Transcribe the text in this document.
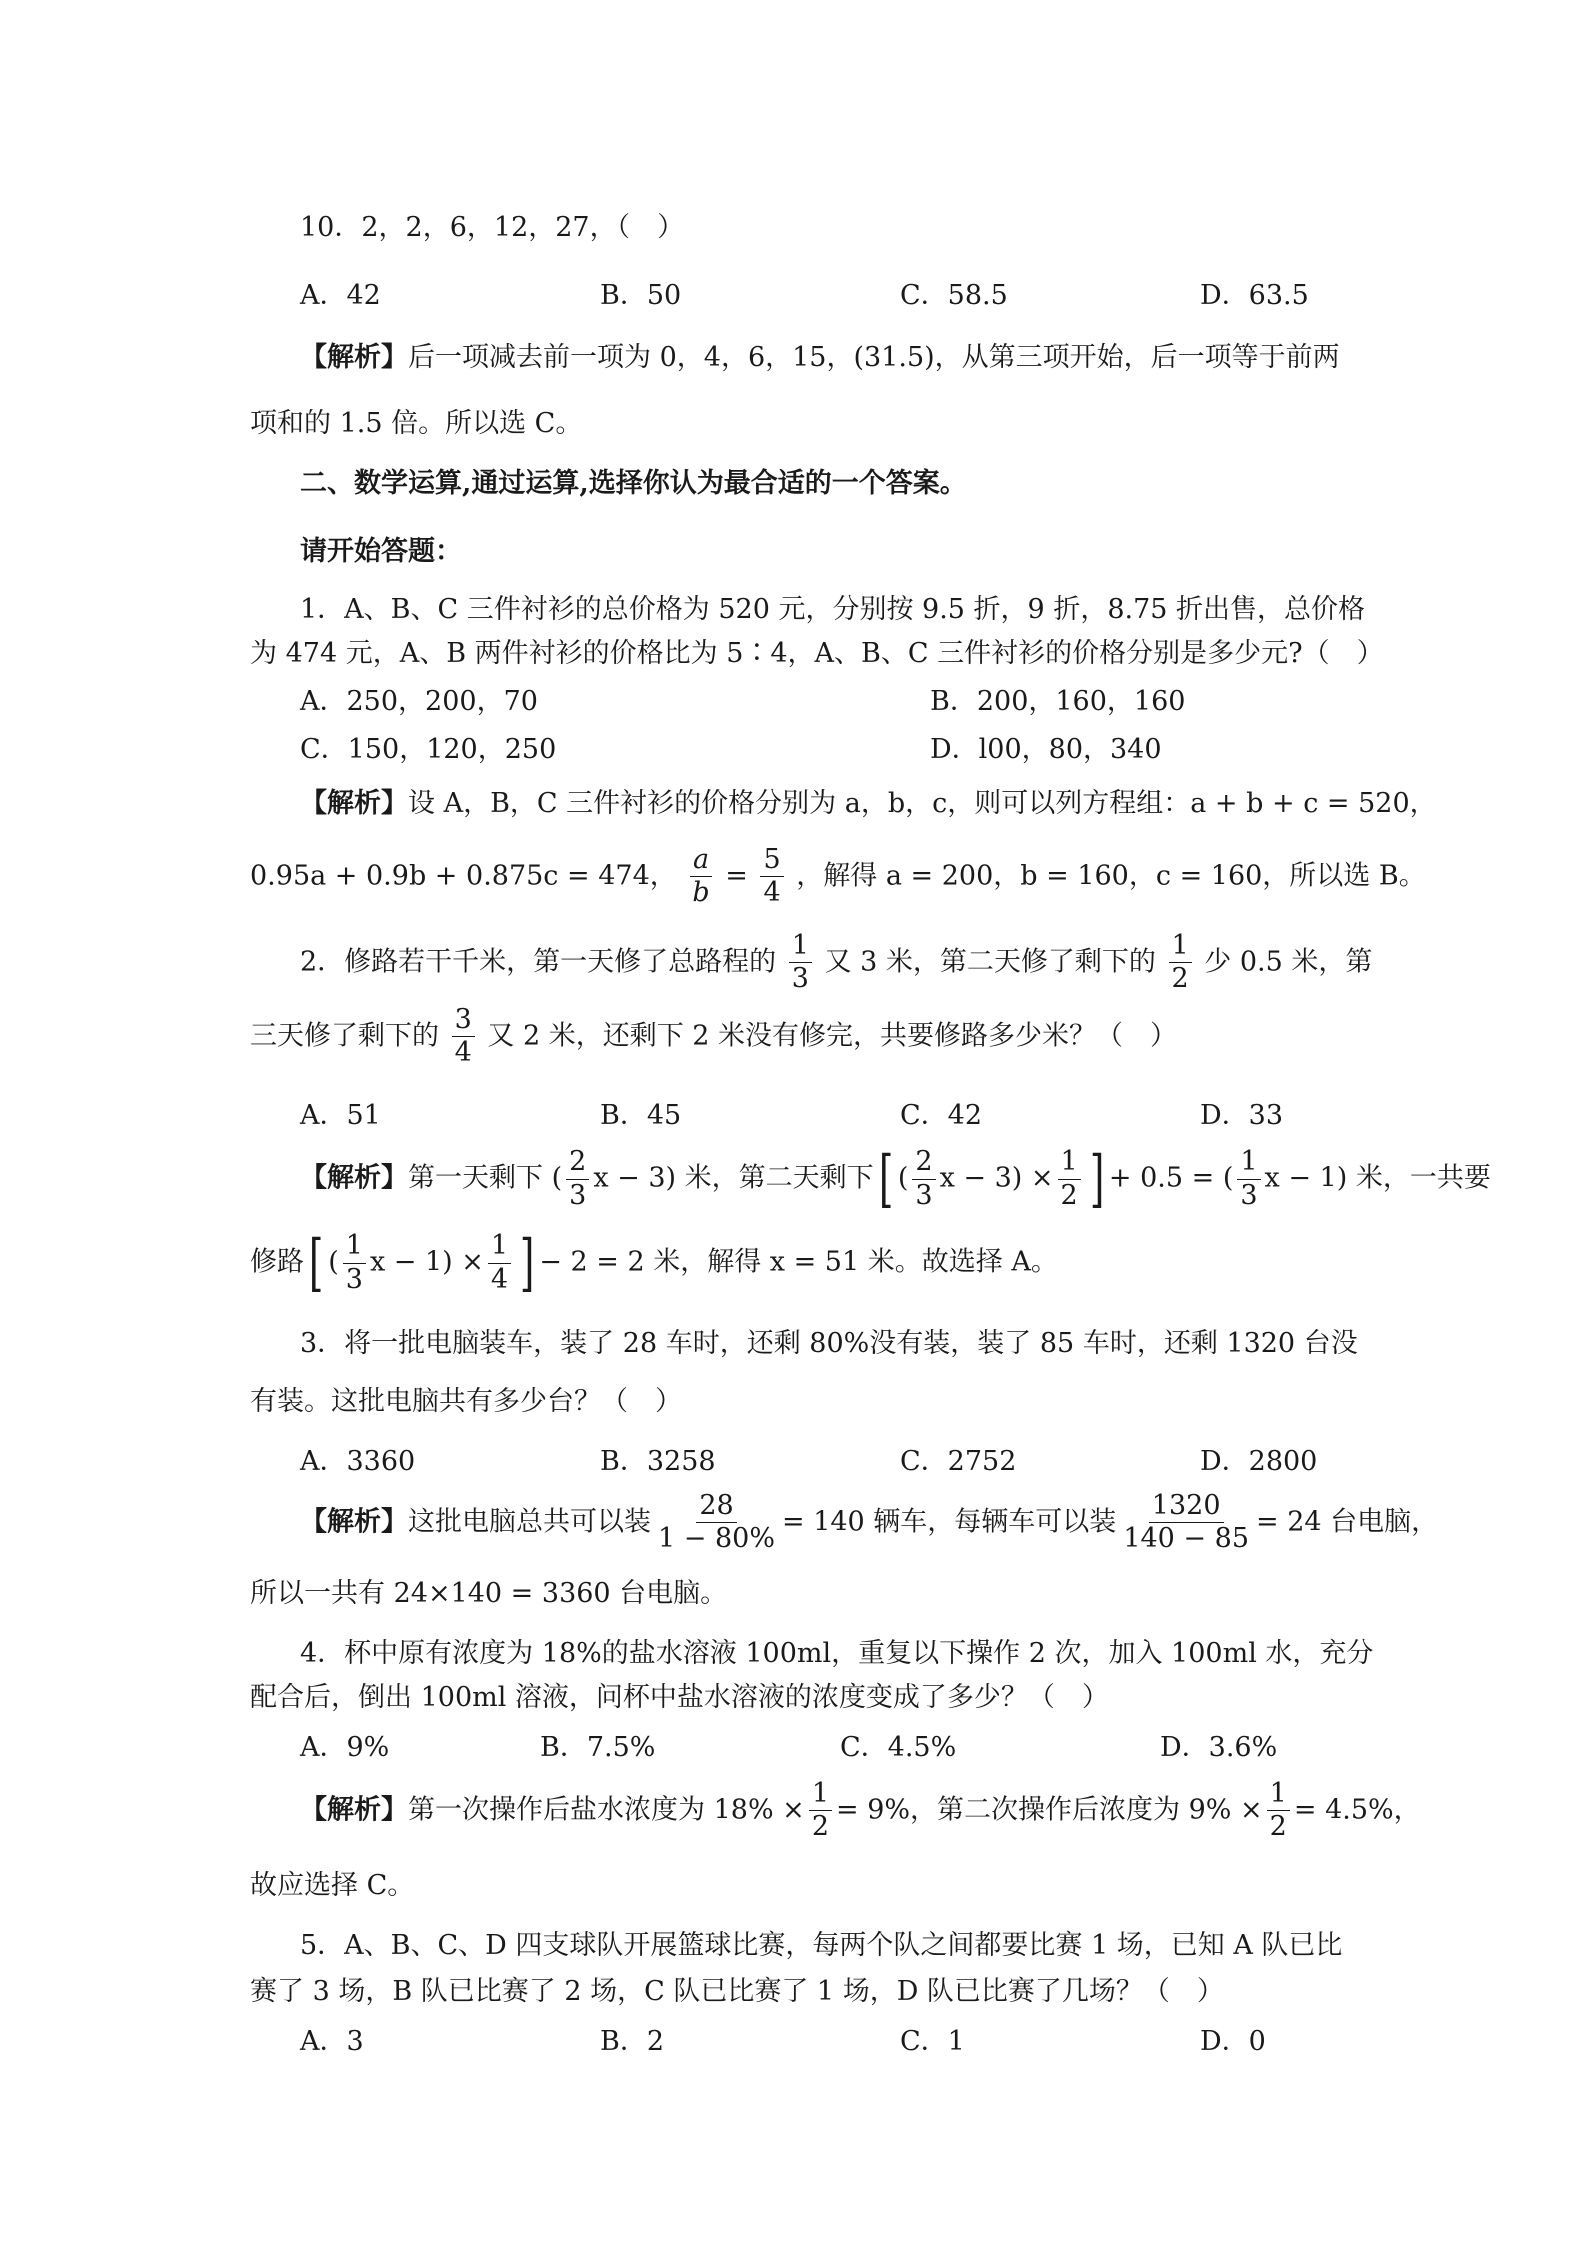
10．2，2，6，12，27，（　）
A．42	B．50	C．58.5	D．63.5
【解析】后一项减去前一项为 0，4，6，15，(31.5)，从第三项开始，后一项等于前两
项和的 1.5 倍。所以选 C。
二、数学运算,通过运算,选择你认为最合适的一个答案。
请开始答题：
1．A、B、C 三件衬衫的总价格为 520 元，分别按 9.5 折，9 折，8.75 折出售，总价格
为 474 元，A、B 两件衬衫的价格比为 5∶4，A、B、C 三件衬衫的价格分别是多少元?（　）
A．250，200，70	B．200，160，160
C．150，120，250	D．l00，80，340
【解析】设 A，B，C 三件衬衫的价格分别为 a，b，c，则可以列方程组：a + b + c = 520，
0.95a + 0.9b + 0.875c = 474， $\frac{a}{b} = \frac{5}{4}$ ，解得 a = 200，b = 160，c = 160，所以选 B。
2．修路若干千米，第一天修了总路程的 $\frac{1}{3}$ 又 3 米，第二天修了剩下的 $\frac{1}{2}$ 少 0.5 米，第
三天修了剩下的 $\frac{3}{4}$ 又 2 米，还剩下 2 米没有修完，共要修路多少米？（　）
A．51	B．45	C．42	D．33
【解析】第一天剩下 ( $\frac{2}{3}$ x − 3) 米，第二天剩下[ ( $\frac{2}{3}$ $x - 3) \times \frac{1}{2}$ ] + 0.5 = ( $\frac{1}{3}$ x − 1) 米，一共要
修路[ ( $\frac{1}{3}$ $x - 1) \times \frac{1}{4}$ ] − 2 = 2 米，解得 x = 51 米。故选择 A。
3．将一批电脑装车，装了 28 车时，还剩 80%没有装，装了 85 车时，还剩 1320 台没
有装。这批电脑共有多少台？（　）
A．3360	B．3258	C．2752	D．2800
【解析】这批电脑总共可以装 $\frac{28}{1 - 80\%} = 140$ 辆车，每辆车可以装 $\frac{1320}{140 - 85} = 24$ 台电脑，
所以一共有 24×140 = 3360 台电脑。
4．杯中原有浓度为 18%的盐水溶液 100ml，重复以下操作 2 次，加入 100ml 水，充分
配合后，倒出 100ml 溶液，问杯中盐水溶液的浓度变成了多少？（　）
A．9%	B．7.5%	C．4.5%	D．3.6%
【解析】第一次操作后盐水浓度为 $18\% \times \frac{1}{2} = 9\%$，第二次操作后浓度为 $9\% \times \frac{1}{2} = 4.5\%$，
故应选择 C。
5．A、B、C、D 四支球队开展篮球比赛，每两个队之间都要比赛 1 场，已知 A 队已比
赛了 3 场，B 队已比赛了 2 场，C 队已比赛了 1 场，D 队已比赛了几场？（　）
A．3	B．2	C．1	D．0
